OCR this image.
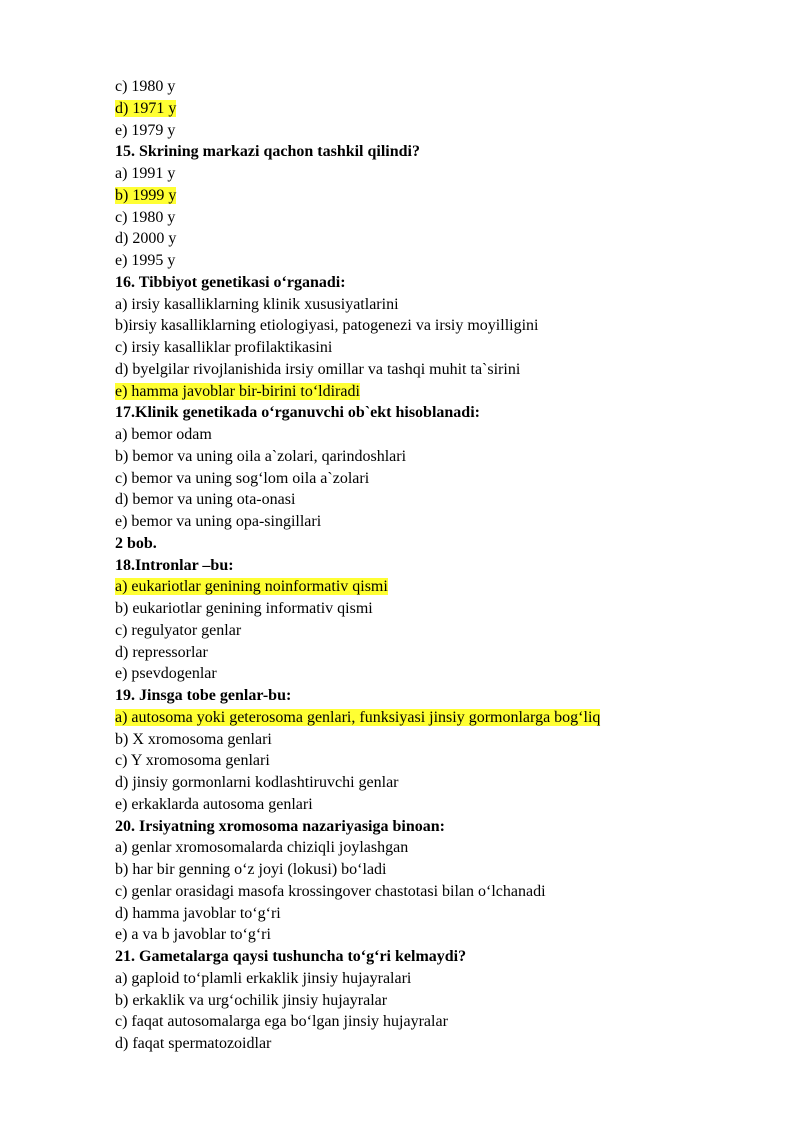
c) 1980 y
d) 1971 y
e) 1979 y
15. Skrining markazi qachon tashkil qilindi?
a) 1991 y
b) 1999 y
c) 1980 y
d) 2000 y
e) 1995 y
16. Tibbiyot genetikasi o‘rganadi:
a) irsiy kasalliklarning klinik xususiyatlarini
b)irsiy kasalliklarning etiologiyasi, patogenezi va irsiy moyilligini
c) irsiy kasalliklar profilaktikasini
d) byelgilar rivojlanishida irsiy omillar va tashqi muhit ta`sirini
e) hamma javoblar bir-birini to‘ldiradi
17.Klinik genetikada o‘rganuvchi ob`ekt hisoblanadi:
a) bemor odam
b) bemor va uning oila a`zolari, qarindoshlari
c) bemor va uning sog‘lom oila a`zolari
d) bemor va uning ota-onasi
e) bemor va uning opa-singillari
2 bob.
18.Intronlar –bu:
a) eukariotlar genining noinformativ qismi
b) eukariotlar genining informativ qismi
c) regulyator genlar
d) repressorlar
e) psevdogenlar
19. Jinsga tobe genlar-bu:
a) autosoma yoki geterosoma genlari, funksiyasi jinsiy gormonlarga bog‘liq
b) X xromosoma genlari
c) Y xromosoma genlari
d) jinsiy gormonlarni kodlashtiruvchi genlar
e) erkaklarda autosoma genlari
20. Irsiyatning xromosoma nazariyasiga binoan:
a) genlar xromosomalarda chiziqli joylashgan
b) har bir genning o‘z joyi (lokusi) bo‘ladi
c) genlar orasidagi masofa krossingover chastotasi bilan o‘lchanadi
d) hamma javoblar to‘g‘ri
e) a va b javoblar to‘g‘ri
21. Gametalarga qaysi tushuncha to‘g‘ri kelmaydi?
a) gaploid to‘plamli erkaklik jinsiy hujayralari
b) erkaklik va urg‘ochilik jinsiy hujayralar
c) faqat autosomalarga ega bo‘lgan jinsiy hujayralar
d) faqat spermatozoidlar
